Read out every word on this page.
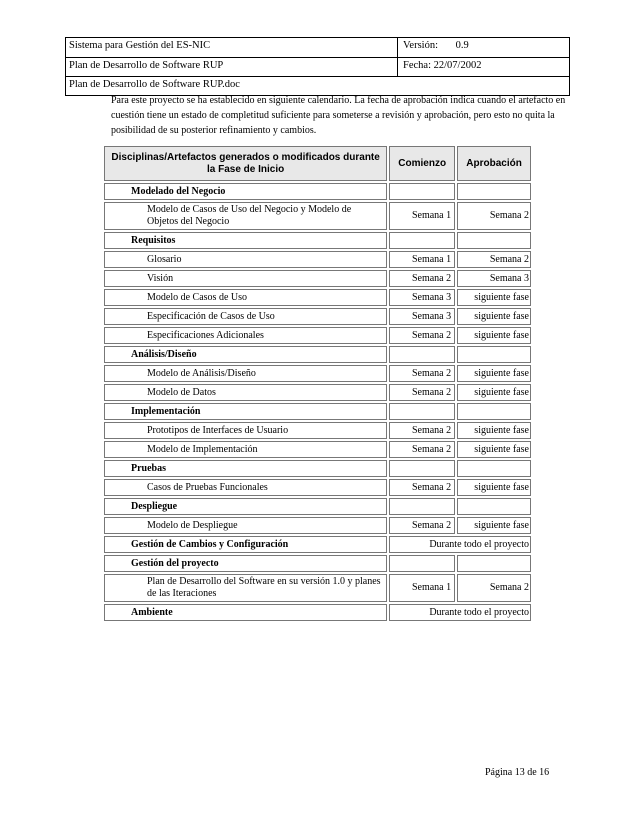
Sistema para Gestión del ES-NIC	Versión: 0.9
Plan de Desarrollo de Software RUP	Fecha: 22/07/2002
Plan de Desarrollo de Software RUP.doc

Para este proyecto se ha establecido en siguiente calendario. La fecha de aprobación indica cuando el artefacto en cuestión tiene un estado de completitud suficiente para someterse a revisión y aprobación, pero esto no quita la posibilidad de su posterior refinamiento y cambios.

Disciplinas/Artefactos generados o modificados durante la Fase de Inicio	Comienzo	Aprobación
Modelado del Negocio		
Modelo de Casos de Uso del Negocio y Modelo de Objetos del Negocio	Semana 1	Semana 2
Requisitos		
Glosario	Semana 1	Semana 2
Visión	Semana 2	Semana 3
Modelo de Casos de Uso	Semana 3	siguiente fase
Especificación de Casos de Uso	Semana 3	siguiente fase
Especificaciones Adicionales	Semana 2	siguiente fase
Análisis/Diseño		
Modelo de Análisis/Diseño	Semana 2	siguiente fase
Modelo de Datos	Semana 2	siguiente fase
Implementación		
Prototipos de Interfaces de Usuario	Semana 2	siguiente fase
Modelo de Implementación	Semana 2	siguiente fase
Pruebas		
Casos de Pruebas Funcionales	Semana 2	siguiente fase
Despliegue		
Modelo de Despliegue	Semana 2	siguiente fase
Gestión de Cambios y Configuración	Durante todo el proyecto	
Gestión del proyecto		
Plan de Desarrollo del Software en su versión 1.0 y planes de las Iteraciones	Semana 1	Semana 2
Ambiente	Durante todo el proyecto	
Página 13 de 16
